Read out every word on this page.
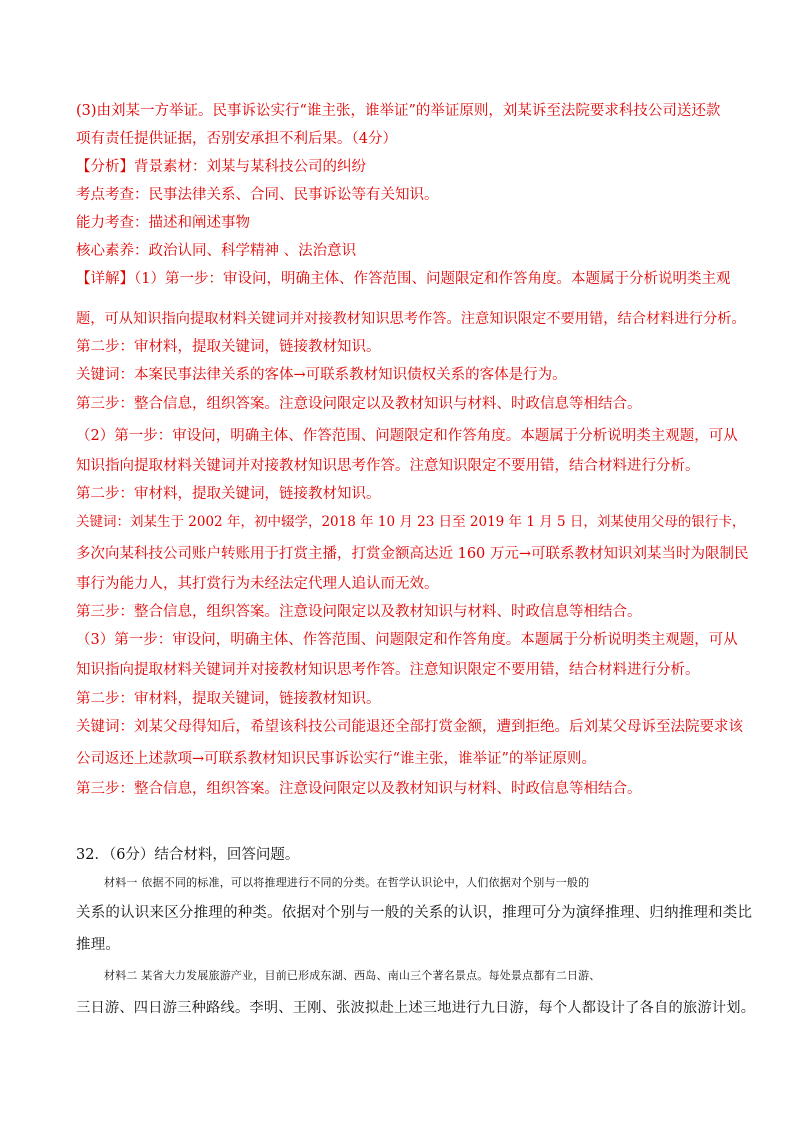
(3)由刘某一方举证。民事诉讼实行“谁主张，谁举证”的举证原则，刘某诉至法院要求科技公司送还款
项有责任提供证据，否别安承担不利后果。（4分）
【分析】背景素材：刘某与某科技公司的纠纷
考点考查：民事法律关系、合同、民事诉讼等有关知识。
能力考查：描述和阐述事物
核心素养：政治认同、科学精神 、法治意识
【详解】（1）第一步：审设问，明确主体、作答范围、问题限定和作答角度。本题属于分析说明类主观
题，可从知识指向提取材料关键词并对接教材知识思考作答。注意知识限定不要用错，结合材料进行分析。
第二步：审材料，提取关键词，链接教材知识。
关键词：本案民事法律关系的客体→可联系教材知识债权关系的客体是行为。
第三步：整合信息，组织答案。注意设问限定以及教材知识与材料、时政信息等相结合。
（2）第一步：审设问，明确主体、作答范围、问题限定和作答角度。本题属于分析说明类主观题，可从
知识指向提取材料关键词并对接教材知识思考作答。注意知识限定不要用错，结合材料进行分析。
第二步：审材料，提取关键词，链接教材知识。
关键词：刘某生于 2002 年，初中辍学，2018 年 10 月 23 日至 2019 年 1 月 5 日，刘某使用父母的银行卡，
多次向某科技公司账户转账用于打赏主播，打赏金额高达近 160 万元→可联系教材知识刘某当时为限制民
事行为能力人，其打赏行为未经法定代理人追认而无效。
第三步：整合信息，组织答案。注意设问限定以及教材知识与材料、时政信息等相结合。
（3）第一步：审设问，明确主体、作答范围、问题限定和作答角度。本题属于分析说明类主观题，可从
知识指向提取材料关键词并对接教材知识思考作答。注意知识限定不要用错，结合材料进行分析。
第二步：审材料，提取关键词，链接教材知识。
关键词：刘某父母得知后，希望该科技公司能退还全部打赏金额，遭到拒绝。后刘某父母诉至法院要求该
公司返还上述款项→可联系教材知识民事诉讼实行“谁主张，谁举证”的举证原则。
第三步：整合信息，组织答案。注意设问限定以及教材知识与材料、时政信息等相结合。
32．（6分）结合材料，回答问题。
材料一 依据不同的标准，可以将推理进行不同的分类。在哲学认识论中，人们依据对个别与一般的
关系的认识来区分推理的种类。依据对个别与一般的关系的认识，推理可分为演绎推理、归纳推理和类比
推理。
材料二 某省大力发展旅游产业，目前已形成东湖、西岛、南山三个著名景点。每处景点都有二日游、
三日游、四日游三种路线。李明、王刚、张波拟赴上述三地进行九日游，每个人都设计了各自的旅游计划。
